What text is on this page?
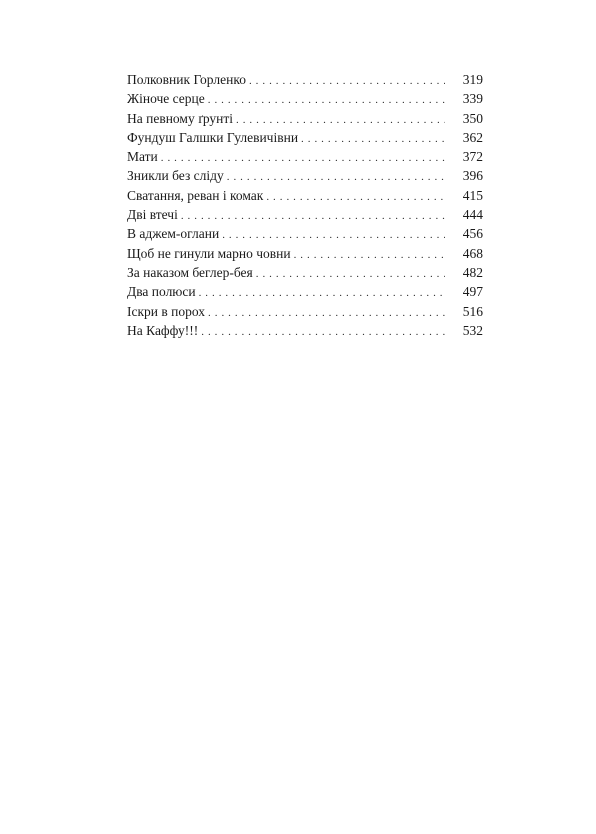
Полковник Горленко . . .	319
Жіноче серце . . .	339
На певному ґрунті . . .	350
Фундуш Галшки Гулевичівни . . .	362
Мати . . .	372
Зникли без сліду . . .	396
Сватання, реван і комак . . .	415
Дві втечі . . .	444
В аджем-оглани . . .	456
Щоб не гинули марно човни . . .	468
За наказом беглер-бея . . .	482
Два полюси . . .	497
Іскри в порох . . .	516
На Каффу!!! . . .	532
